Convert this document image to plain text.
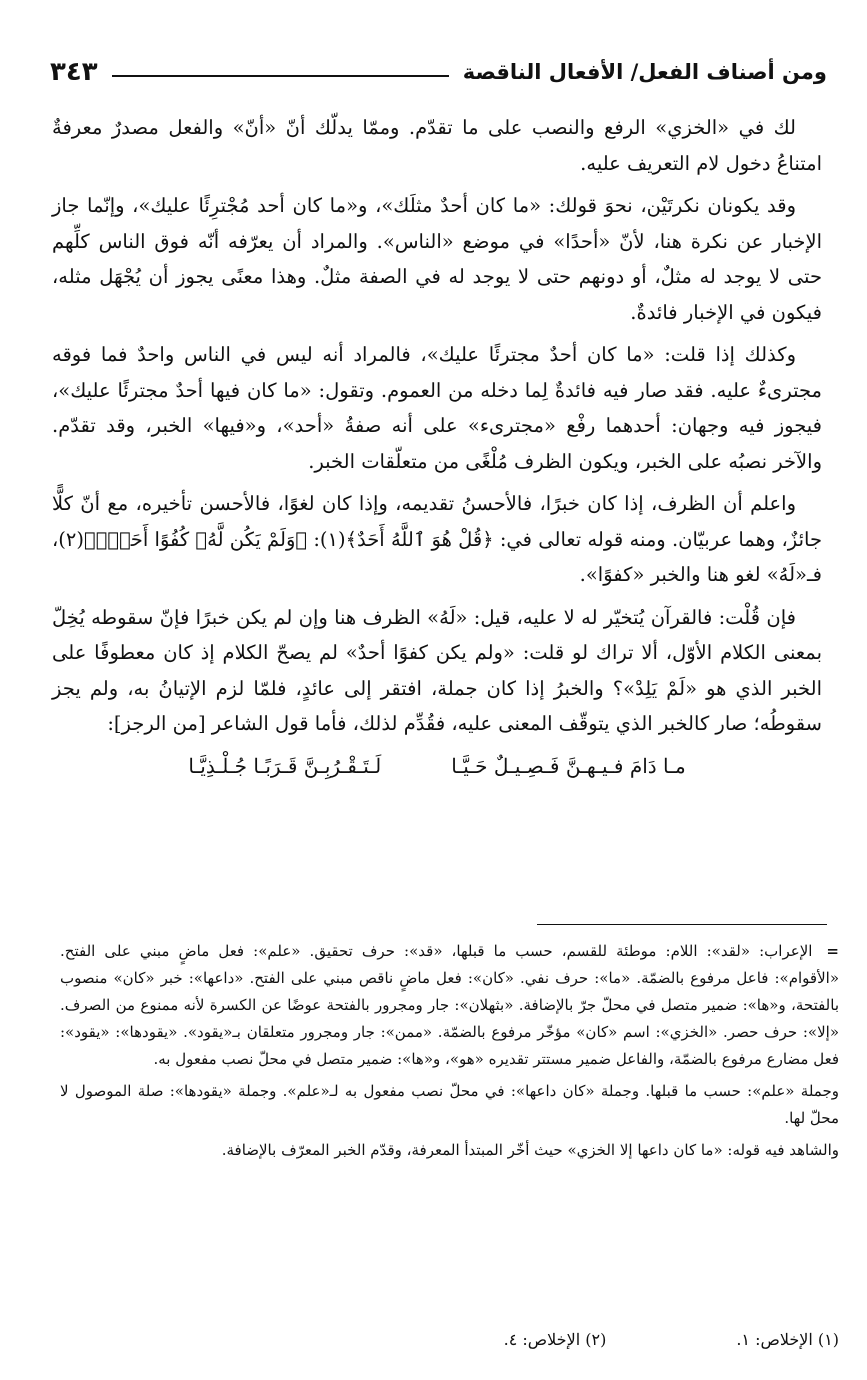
ومن أصناف الفعل/ الأفعال الناقصة
٣٤٣

لك في «الخزي» الرفع والنصب على ما تقدّم. وممّا يدلّك أنّ «أنّ» والفعل مصدرٌ معرفةٌ امتناعُ دخول لام التعريف عليه.

وقد يكونان نكرتَيْن، نحوَ قولك: «ما كان أحدٌ مثلَك»، و«ما كان أحد مُجْترِئًا عليك»، وإنّما جاز الإخبار عن نكرة هنا، لأنّ «أحدًا» في موضع «الناس». والمراد أن يعرّفه أنّه فوق الناس كلِّهم حتى لا يوجد له مثلٌ، أو دونهم حتى لا يوجد له في الصفة مثلٌ. وهذا معنًى يجوز أن يُجْهَل مثله، فيكون في الإخبار فائدةٌ.

وكذلك إذا قلت: «ما كان أحدٌ مجترئًا عليك»، فالمراد أنه ليس في الناس واحدٌ فما فوقه مجترىءٌ عليه. فقد صار فيه فائدةٌ لِما دخله من العموم. وتقول: «ما كان فيها أحدٌ مجترئًا عليك»، فيجوز فيه وجهان: أحدهما رفْع «مجترىء» على أنه صفةُ «أحد»، و«فيها» الخبر، وقد تقدّم. والآخر نصبُه على الخبر، ويكون الظرف مُلْغًى من متعلّقات الخبر.

واعلم أن الظرف، إذا كان خبرًا، فالأحسنُ تقديمه، وإذا كان لغوًا، فالأحسن تأخيره، مع أنّ كلًّا جائزٌ، وهما عربيّان. ومنه قوله تعالى في: ﴿قُلْ هُوَ ٱللَّهُ أَحَدٌ﴾(١): ﴿وَلَمْ يَكُن لَّهُۥ كُفُوًا أَحَدٌۢ﴾(٢)، فـ«لَهُ» لغو هنا والخبر «كفوًا».

فإن قُلْت: فالقرآن يُتخيّر له لا عليه، قيل: «لَهُ» الظرف هنا وإن لم يكن خبرًا فإنّ سقوطه يُخِلّ بمعنى الكلام الأوّل، ألا تراك لو قلت: «ولم يكن كفوًا أحدٌ» لم يصحّ الكلام إذ كان معطوفًا على الخبر الذي هو «لَمْ يَلِدْ»؟ والخبرُ إذا كان جملة، افتقر إلى عائدٍ، فلمّا لزم الإتيانُ به، ولم يجز سقوطُه؛ صار كالخبر الذي يتوقّف المعنى عليه، فقُدِّم لذلك، فأما قول الشاعر [من الرجز]:

مـا دَامَ فـيـهـنَّ فَـصِـيـلٌ حَـيَّـا
لَـتَـقْـرُبِـنَّ قَـرَبًـا جُـلْـذِيَّـا

=الإعراب: «لقد»: اللام: موطئة للقسم، حسب ما قبلها، «قد»: حرف تحقيق. «علم»: فعل ماضٍ مبني على الفتح. «الأقوام»: فاعل مرفوع بالضمّة. «ما»: حرف نفي. «كان»: فعل ماضٍ ناقص مبني على الفتح. «داعها»: خبر «كان» منصوب بالفتحة، و«ها»: ضمير متصل في محلّ جرّ بالإضافة. «بثهلان»: جار ومجرور بالفتحة عوضًا عن الكسرة لأنه ممنوع من الصرف. «إلا»: حرف حصر. «الخزي»: اسم «كان» مؤخّر مرفوع بالضمّة. «ممن»: جار ومجرور متعلقان بـ«يقود». «يقودها»: «يقود»: فعل مضارع مرفوع بالضمّة، والفاعل ضمير مستتر تقديره «هو»، و«ها»: ضمير متصل في محلّ نصب مفعول به.

وجملة «علم»: حسب ما قبلها. وجملة «كان داعها»: في محلّ نصب مفعول به لـ«علم». وجملة «يقودها»: صلة الموصول لا محلّ لها.

والشاهد فيه قوله: «ما كان داعها إلا الخزي» حيث أخّر المبتدأ المعرفة، وقدّم الخبر المعرّف بالإضافة.

(١) الإخلاص: ١.
(٢) الإخلاص: ٤.
